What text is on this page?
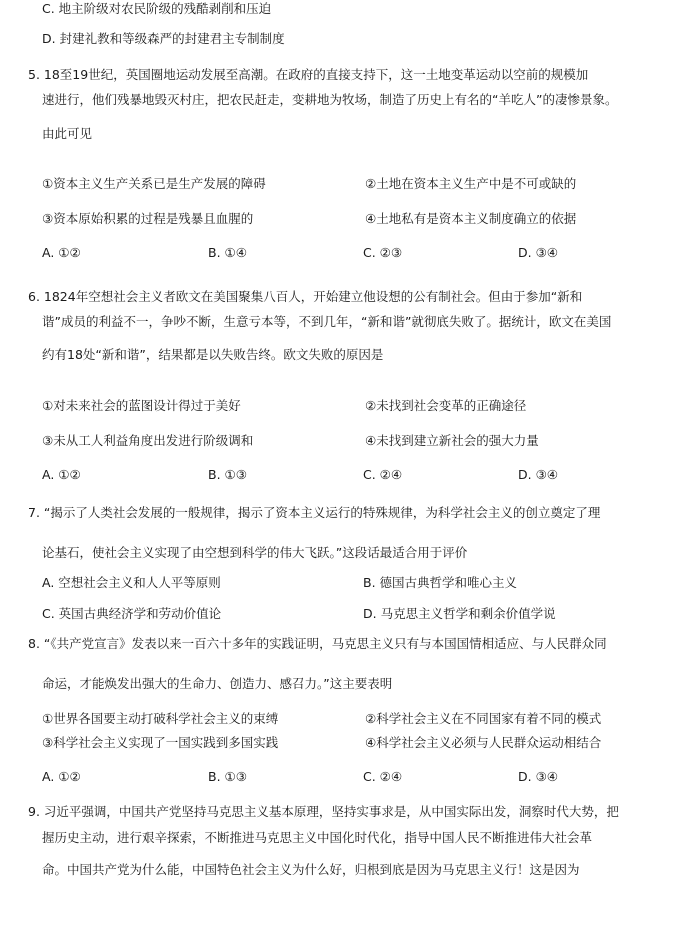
C. 地主阶级对农民阶级的残酷剥削和压迫
D. 封建礼教和等级森严的封建君主专制制度
5. 18至19世纪，英国圈地运动发展至高潮。在政府的直接支持下，这一土地变革运动以空前的规模加
速进行，他们残暴地毁灭村庄，把农民赶走，变耕地为牧场，制造了历史上有名的“羊吃人”的凄惨景象。
由此可见
①资本主义生产关系已是生产发展的障碍	②土地在资本主义生产中是不可或缺的
③资本原始积累的过程是残暴且血腥的	④土地私有是资本主义制度确立的依据
A. ①②	B. ①④	C. ②③	D. ③④
6. 1824年空想社会主义者欧文在美国聚集八百人，开始建立他设想的公有制社会。但由于参加“新和
谐”成员的利益不一，争吵不断，生意亏本等，不到几年，“新和谐”就彻底失败了。据统计，欧文在美国
约有18处“新和谐”，结果都是以失败告终。欧文失败的原因是
①对未来社会的蓝图设计得过于美好	②未找到社会变革的正确途径
③未从工人利益角度出发进行阶级调和	④未找到建立新社会的强大力量
A. ①②	B. ①③	C. ②④	D. ③④
7. “揭示了人类社会发展的一般规律，揭示了资本主义运行的特殊规律，为科学社会主义的创立奠定了理
论基石，使社会主义实现了由空想到科学的伟大飞跃。”这段话最适合用于评价
A. 空想社会主义和人人平等原则	B. 德国古典哲学和唯心主义
C. 英国古典经济学和劳动价值论	D. 马克思主义哲学和剩余价值学说
8. “《共产党宣言》发表以来一百六十多年的实践证明，马克思主义只有与本国国情相适应、与人民群众同
命运，才能焕发出强大的生命力、创造力、感召力。”这主要表明
①世界各国要主动打破科学社会主义的束缚	②科学社会主义在不同国家有着不同的模式
③科学社会主义实现了一国实践到多国实践	④科学社会主义必须与人民群众运动相结合
A. ①②	B. ①③	C. ②④	D. ③④
9. 习近平强调，中国共产党坚持马克思主义基本原理，坚持实事求是，从中国实际出发，洞察时代大势，把
握历史主动，进行艰辛探索，不断推进马克思主义中国化时代化，指导中国人民不断推进伟大社会革
命。中国共产党为什么能，中国特色社会主义为什么好，归根到底是因为马克思主义行！这是因为
